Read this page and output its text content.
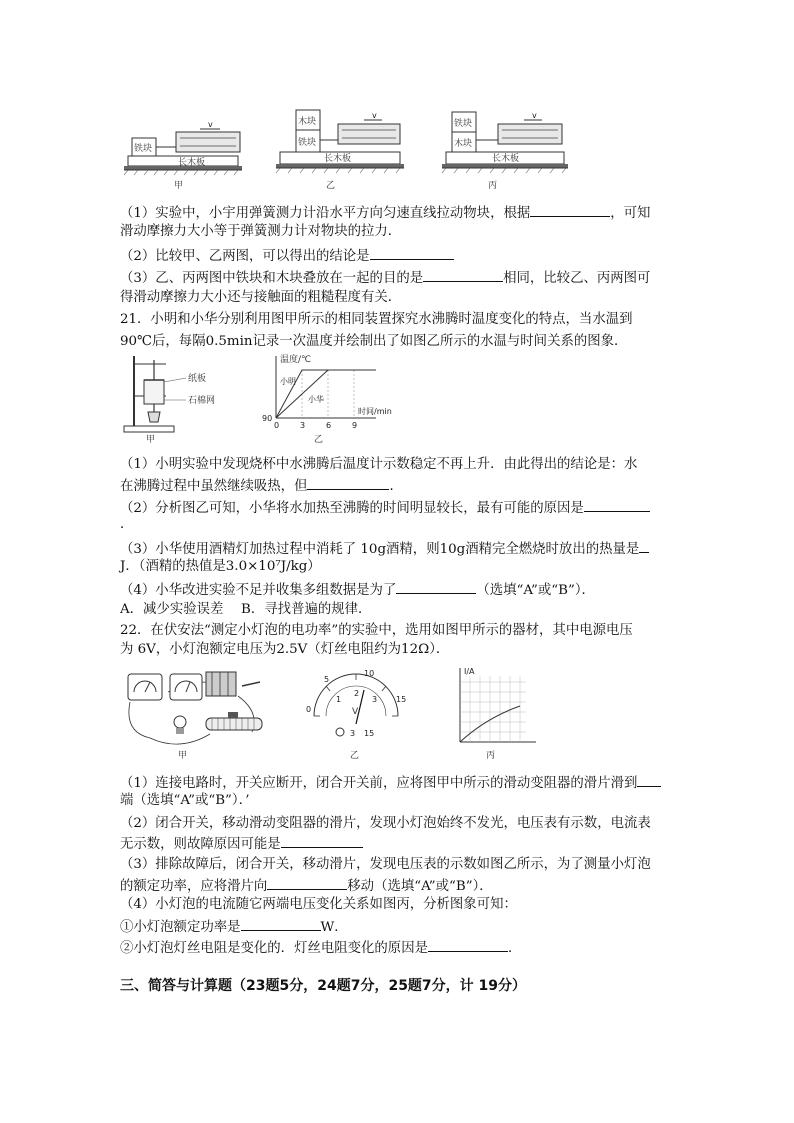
铁块
v
长木板
甲
木块
铁块
v
长木板
乙
铁块
木块
v
长木板
丙
（1）实验中，小宇用弹簧测力计沿水平方向匀速直线拉动物块，根据	，可知
滑动摩擦力大小等于弹簧测力计对物块的拉力．
（2）比较甲、乙两图，可以得出的结论是
（3）乙、丙两图中铁块和木块叠放在一起的目的是	相同，比较乙、丙两图可
得滑动摩擦力大小还与接触面的粗糙程度有关．
21．小明和小华分别利用图甲所示的相同装置探究水沸腾时温度变化的特点，当水温到
90℃后，每隔0.5min记录一次温度并绘制出了如图乙所示的水温与时间关系的图象．
纸板
石棉网
甲
温度/℃
时间/min
90
0	3	6	9
小明
小华
乙
（1）小明实验中发现烧杯中水沸腾后温度计示数稳定不再上升．由此得出的结论是：水
在沸腾过程中虽然继续吸热，但	．
（2）分析图乙可知，小华将水加热至沸腾的时间明显较长，最有可能的原因是
．
（3）小华使用酒精灯加热过程中消耗了 10g酒精，则10g酒精完全燃烧时放出的热量是
J．（酒精的热值是3.0×10⁷J/kg）
（4）小华改进实验不足并收集多组数据是为了	（选填“A”或“B”）．
A．减少实验误差　 B．寻找普遍的规律．
22．在伏安法“测定小灯泡的电功率”的实验中，选用如图甲所示的器材，其中电源电压
为 6V，小灯泡额定电压为2.5V（灯丝电阻约为12Ω）．
甲
0
5
10
15
1
2
3
V
3 15
乙
I/A
丙
（1）连接电路时，开关应断开，闭合开关前，应将图甲中所示的滑动变阻器的滑片滑到
端（选填“A”或“B”）．’
（2）闭合开关，移动滑动变阻器的滑片，发现小灯泡始终不发光，电压表有示数，电流表
无示数，则故障原因可能是
（3）排除故障后，闭合开关，移动滑片，发现电压表的示数如图乙所示，为了测量小灯泡
的额定功率，应将滑片向	移动（选填“A”或“B”）．
（4）小灯泡的电流随它两端电压变化关系如图丙，分析图象可知：
①小灯泡额定功率是	W．
②小灯泡灯丝电阻是变化的．灯丝电阻变化的原因是	．
三、简答与计算题（23题5分，24题7分，25题7分，计 19分）
